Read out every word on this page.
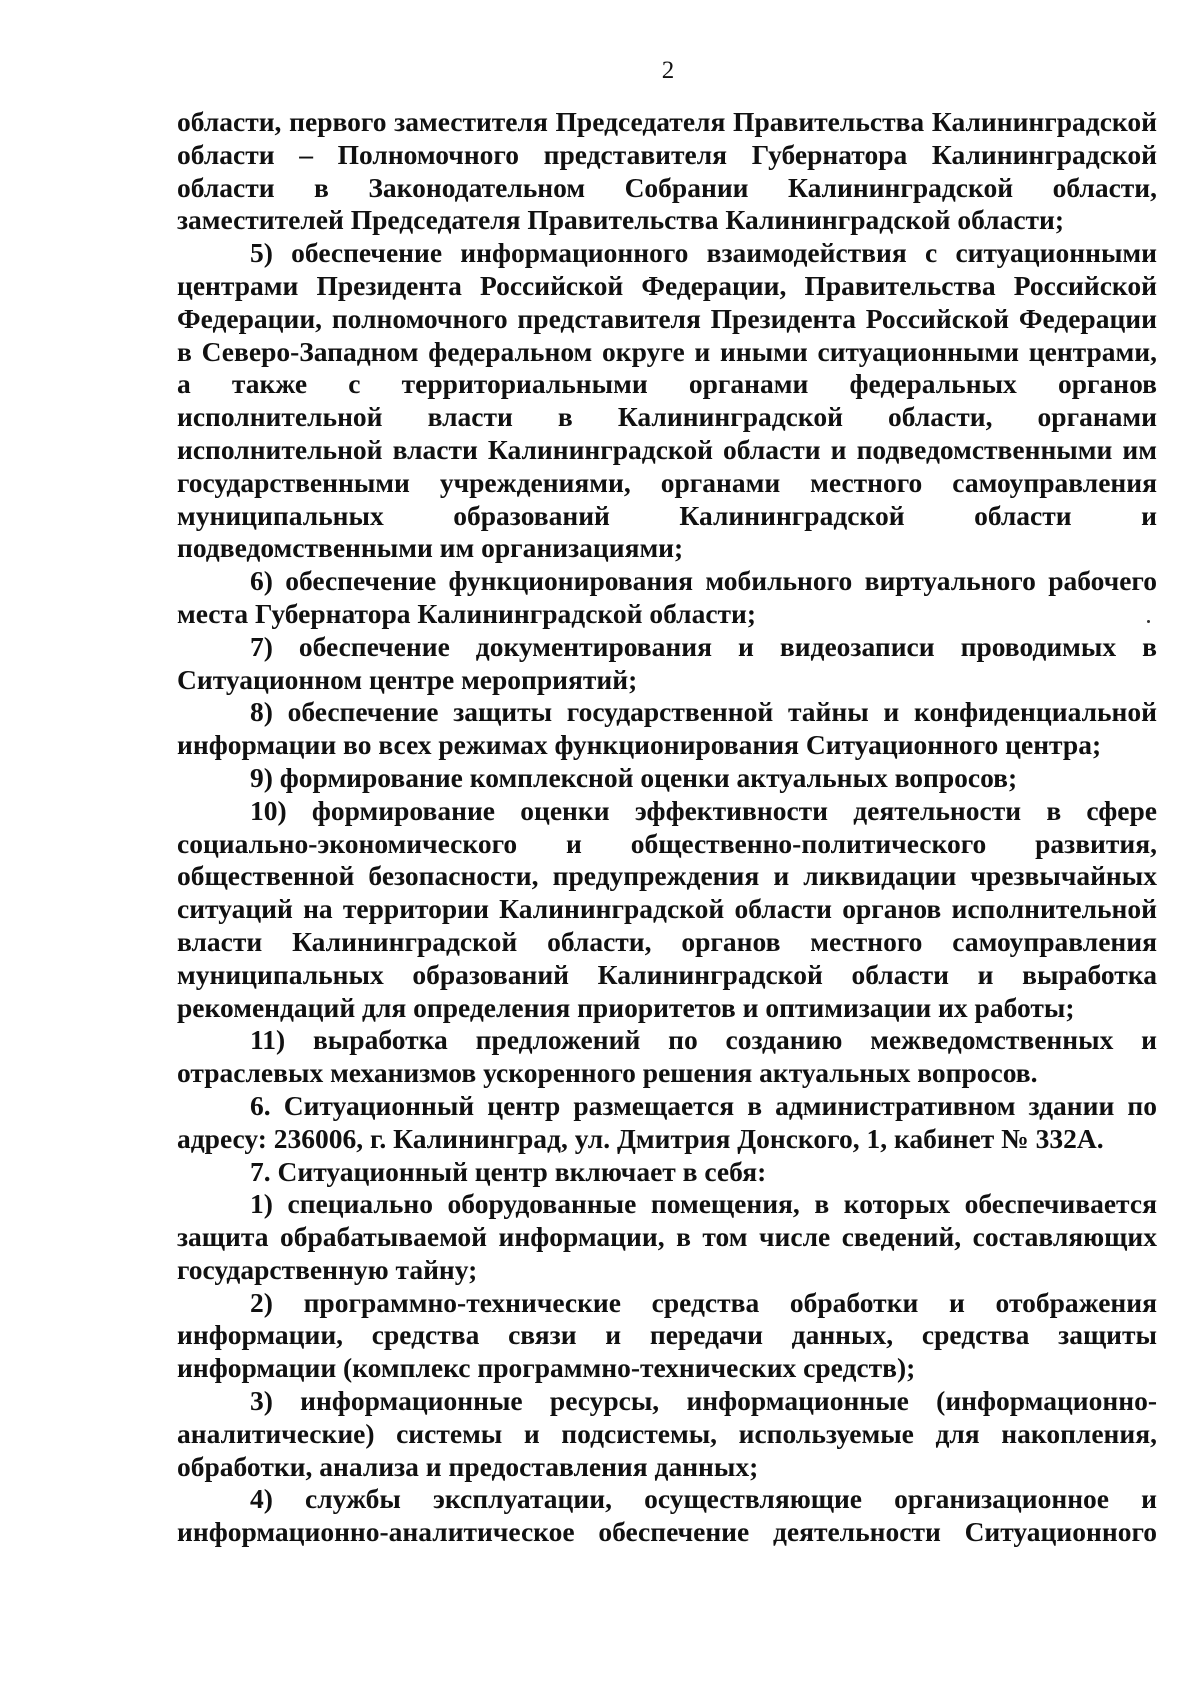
2

области, первого заместителя Председателя Правительства Калининградской области – Полномочного представителя Губернатора Калининградской области в Законодательном Собрании Калининградской области, заместителей Председателя Правительства Калининградской области;

5) обеспечение информационного взаимодействия с ситуационными центрами Президента Российской Федерации, Правительства Российской Федерации, полномочного представителя Президента Российской Федерации в Северо-Западном федеральном округе и иными ситуационными центрами, а также с территориальными органами федеральных органов исполнительной власти в Калининградской области, органами исполнительной власти Калининградской области и подведомственными им государственными учреждениями, органами местного самоуправления муниципальных образований Калининградской области и подведомственными им организациями;

6) обеспечение функционирования мобильного виртуального рабочего места Губернатора Калининградской области;

7) обеспечение документирования и видеозаписи проводимых в Ситуационном центре мероприятий;

8) обеспечение защиты государственной тайны и конфиденциальной информации во всех режимах функционирования Ситуационного центра;

9) формирование комплексной оценки актуальных вопросов;

10) формирование оценки эффективности деятельности в сфере социально-экономического и общественно-политического развития, общественной безопасности, предупреждения и ликвидации чрезвычайных ситуаций на территории Калининградской области органов исполнительной власти Калининградской области, органов местного самоуправления муниципальных образований Калининградской области и выработка рекомендаций для определения приоритетов и оптимизации их работы;

11) выработка предложений по созданию межведомственных и отраслевых механизмов ускоренного решения актуальных вопросов.

6. Ситуационный центр размещается в административном здании по адресу: 236006, г. Калининград, ул. Дмитрия Донского, 1, кабинет № 332А.

7. Ситуационный центр включает в себя:

1) специально оборудованные помещения, в которых обеспечивается защита обрабатываемой информации, в том числе сведений, составляющих государственную тайну;

2) программно-технические средства обработки и отображения информации, средства связи и передачи данных, средства защиты информации (комплекс программно-технических средств);

3) информационные ресурсы, информационные (информационно-аналитические) системы и подсистемы, используемые для накопления, обработки, анализа и предоставления данных;

4) службы эксплуатации, осуществляющие организационное и информационно-аналитическое обеспечение деятельности Ситуационного
